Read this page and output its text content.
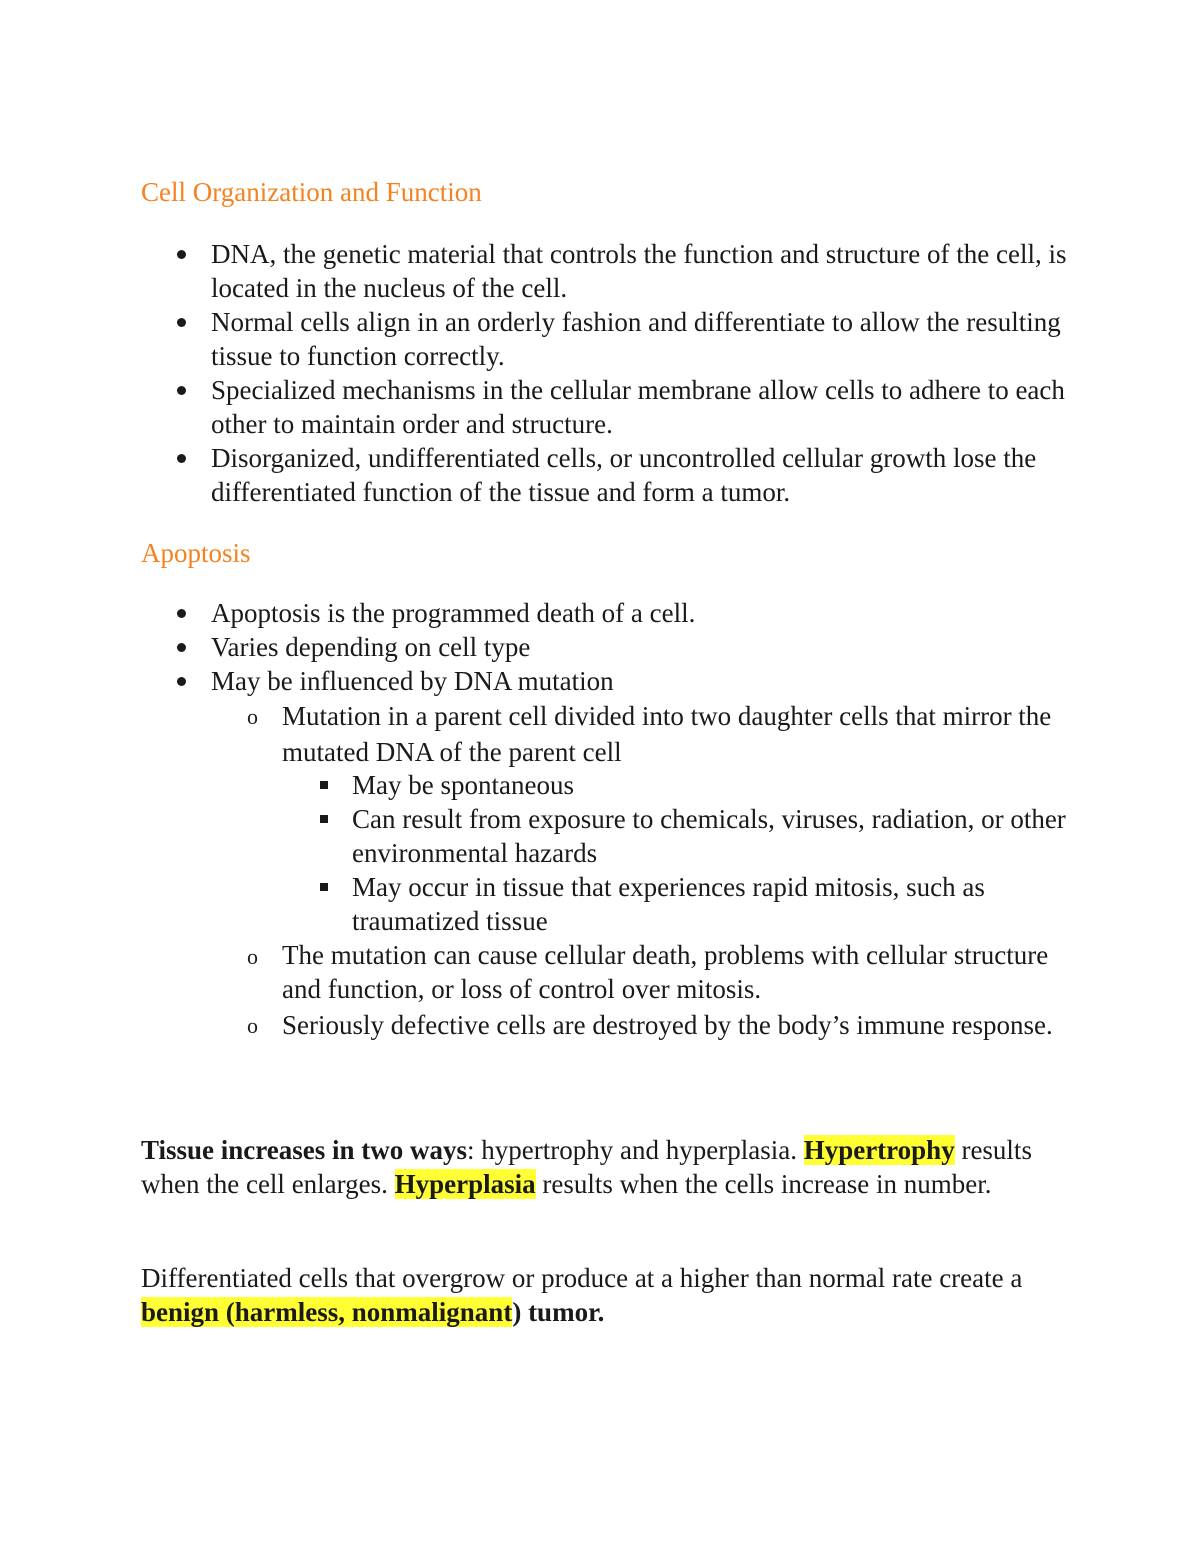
Cell Organization and Function

DNA, the genetic material that controls the function and structure of the cell, is located in the nucleus of the cell.

Normal cells align in an orderly fashion and differentiate to allow the resulting tissue to function correctly.

Specialized mechanisms in the cellular membrane allow cells to adhere to each other to maintain order and structure.

Disorganized, undifferentiated cells, or uncontrolled cellular growth lose the differentiated function of the tissue and form a tumor.

Apoptosis

Apoptosis is the programmed death of a cell.

Varies depending on cell type

May be influenced by DNA mutation

o Mutation in a parent cell divided into two daughter cells that mirror the mutated DNA of the parent cell

May be spontaneous

Can result from exposure to chemicals, viruses, radiation, or other environmental hazards

May occur in tissue that experiences rapid mitosis, such as traumatized tissue

o The mutation can cause cellular death, problems with cellular structure and function, or loss of control over mitosis.

o Seriously defective cells are destroyed by the body’s immune response.

Tissue increases in two ways: hypertrophy and hyperplasia. Hypertrophy results when the cell enlarges. Hyperplasia results when the cells increase in number.

Differentiated cells that overgrow or produce at a higher than normal rate create a benign (harmless, nonmalignant) tumor.
